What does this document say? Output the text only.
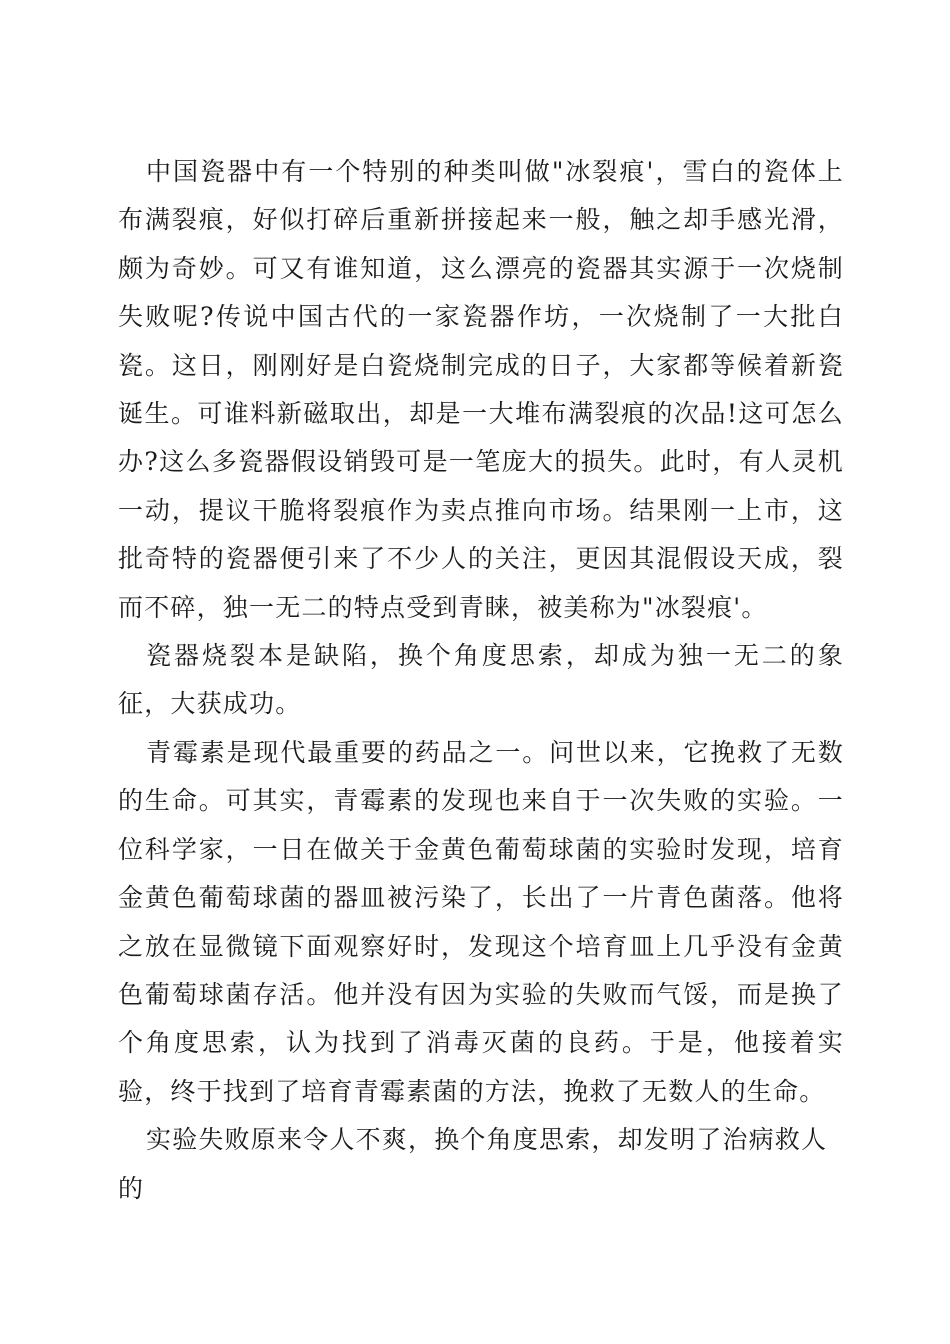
中国瓷器中有一个特别的种类叫做"冰裂痕'，雪白的瓷体上布满裂痕，好似打碎后重新拼接起来一般，触之却手感光滑，颇为奇妙。可又有谁知道，这么漂亮的瓷器其实源于一次烧制失败呢?传说中国古代的一家瓷器作坊，一次烧制了一大批白瓷。这日，刚刚好是白瓷烧制完成的日子，大家都等候着新瓷诞生。可谁料新磁取出，却是一大堆布满裂痕的次品!这可怎么办?这么多瓷器假设销毁可是一笔庞大的损失。此时，有人灵机一动，提议干脆将裂痕作为卖点推向市场。结果刚一上市，这批奇特的瓷器便引来了不少人的关注，更因其混假设天成，裂而不碎，独一无二的特点受到青睐，被美称为"冰裂痕'。

瓷器烧裂本是缺陷，换个角度思索，却成为独一无二的象征，大获成功。

青霉素是现代最重要的药品之一。问世以来，它挽救了无数的生命。可其实，青霉素的发现也来自于一次失败的实验。一位科学家，一日在做关于金黄色葡萄球菌的实验时发现，培育金黄色葡萄球菌的器皿被污染了，长出了一片青色菌落。他将之放在显微镜下面观察好时，发现这个培育皿上几乎没有金黄色葡萄球菌存活。他并没有因为实验的失败而气馁，而是换了个角度思索，认为找到了消毒灭菌的良药。于是，他接着实验，终于找到了培育青霉素菌的方法，挽救了无数人的生命。

实验失败原来令人不爽，换个角度思索，却发明了治病救人的
